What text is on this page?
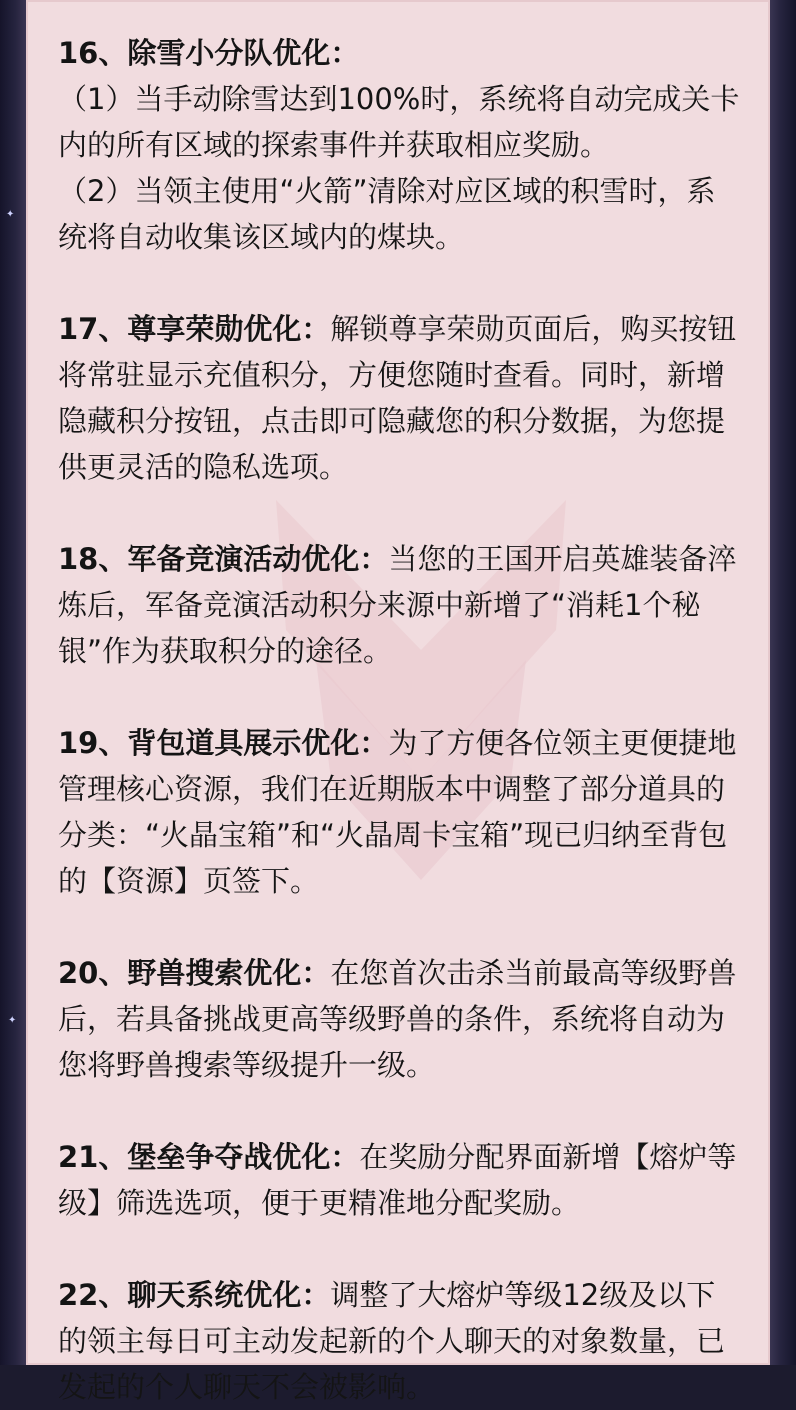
✦
✦
16、除雪小分队优化：
（1）当手动除雪达到100%时，系统将自动完成关卡内的所有区域的探索事件并获取相应奖励。
（2）当领主使用“火箭”清除对应区域的积雪时，系统将自动收集该区域内的煤块。
17、尊享荣勋优化：解锁尊享荣勋页面后，购买按钮将常驻显示充值积分，方便您随时查看。同时，新增隐藏积分按钮，点击即可隐藏您的积分数据，为您提供更灵活的隐私选项。
18、军备竞演活动优化：当您的王国开启英雄装备淬炼后，军备竞演活动积分来源中新增了“消耗1个秘银”作为获取积分的途径。
19、背包道具展示优化：为了方便各位领主更便捷地管理核心资源，我们在近期版本中调整了部分道具的分类：“火晶宝箱”和“火晶周卡宝箱”现已归纳至背包的【资源】页签下。
20、野兽搜索优化：在您首次击杀当前最高等级野兽后，若具备挑战更高等级野兽的条件，系统将自动为您将野兽搜索等级提升一级。
21、堡垒争夺战优化：在奖励分配界面新增【熔炉等级】筛选选项，便于更精准地分配奖励。
22、聊天系统优化：调整了大熔炉等级12级及以下的领主每日可主动发起新的个人聊天的对象数量，已发起的个人聊天不会被影响。
